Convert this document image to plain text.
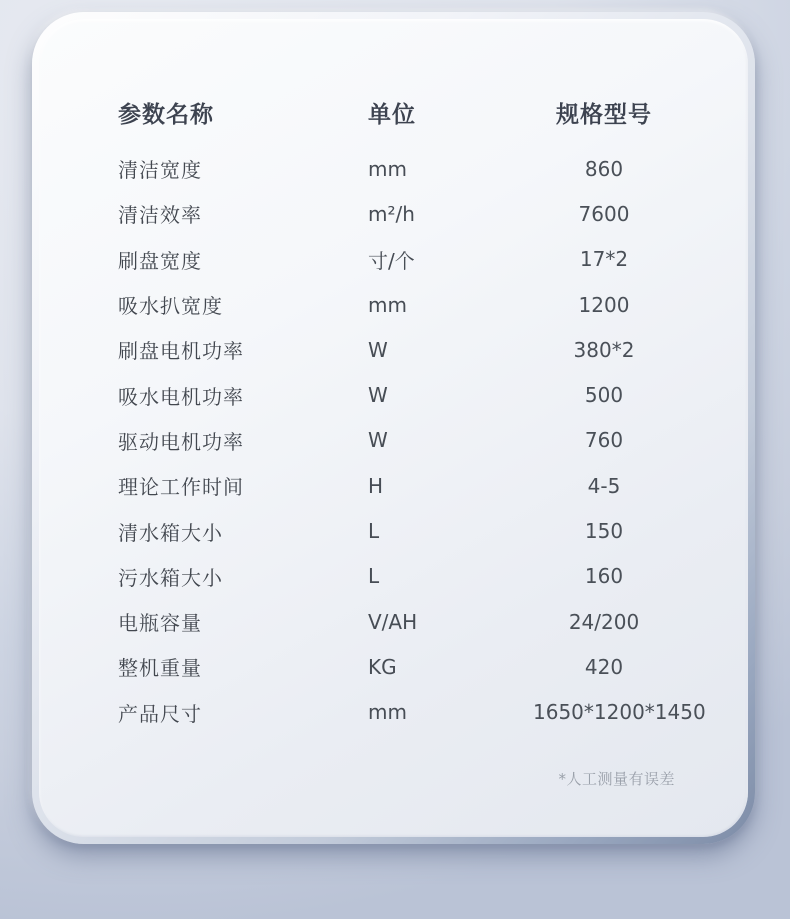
参数名称	单位	规格型号
清洁宽度	mm	860
清洁效率	m²/h	7600
刷盘宽度	寸/个	17*2
吸水扒宽度	mm	1200
刷盘电机功率	W	380*2
吸水电机功率	W	500
驱动电机功率	W	760
理论工作时间	H	4-5
清水箱大小	L	150
污水箱大小	L	160
电瓶容量	V/AH	24/200
整机重量	KG	420
产品尺寸	mm	1650*1200*1450
*人工测量有误差
